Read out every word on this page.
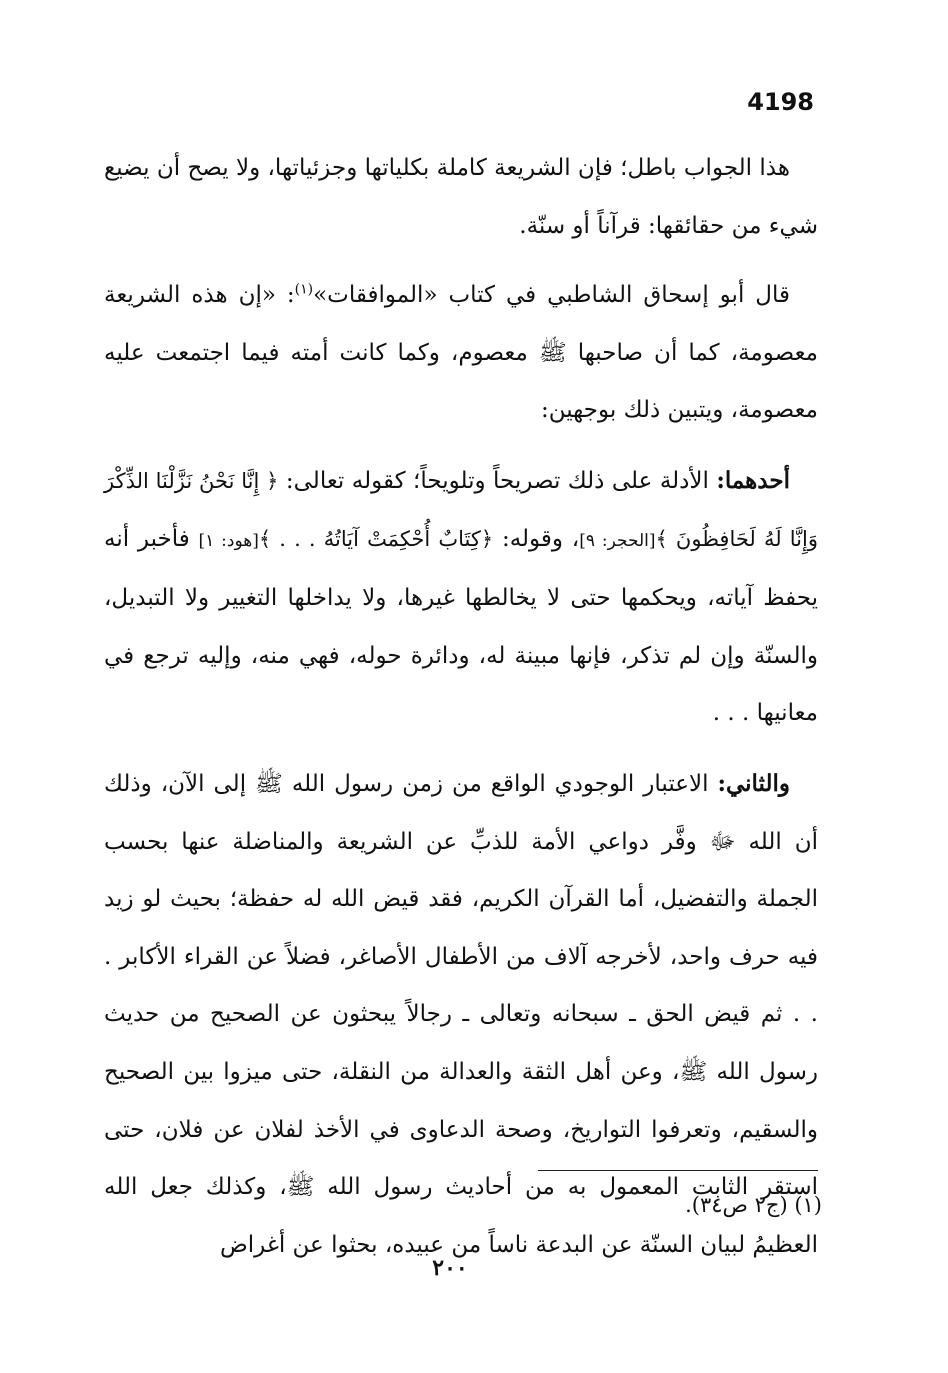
4198

هذا الجواب باطل؛ فإن الشريعة كاملة بكلياتها وجزئياتها، ولا يصح أن يضيع شيء من حقائقها: قرآناً أو سنّة.

قال أبو إسحاق الشاطبي في كتاب «الموافقات»$^{(١)}$: «إن هذه الشريعة معصومة، كما أن صاحبها ﷺ معصوم، وكما كانت أمته فيما اجتمعت عليه معصومة، ويتبين ذلك بوجهين:

أحدهما: الأدلة على ذلك تصريحاً وتلويحاً؛ كقوله تعالى: ﴿ إِنَّا نَحْنُ نَزَّلْنَا الذِّكْرَ وَإِنَّا لَهُ لَحَافِظُونَ ﴾[الحجر: ٩]، وقوله: ﴿كِتَابٌ أُحْكِمَتْ آيَاتُهُ . . . ﴾[هود: ١] فأخبر أنه يحفظ آياته، ويحكمها حتى لا يخالطها غيرها، ولا يداخلها التغيير ولا التبديل، والسنّة وإن لم تذكر، فإنها مبينة له، ودائرة حوله، فهي منه، وإليه ترجع في معانيها . . .

والثاني: الاعتبار الوجودي الواقع من زمن رسول الله ﷺ إلى الآن، وذلك أن الله ﷻ وفَّر دواعي الأمة للذبِّ عن الشريعة والمناضلة عنها بحسب الجملة والتفضيل، أما القرآن الكريم، فقد قيض الله له حفظة؛ بحيث لو زيد فيه حرف واحد، لأخرجه آلاف من الأطفال الأصاغر، فضلاً عن القراء الأكابر . . . ثم قيض الحق ـ سبحانه وتعالى ـ رجالاً يبحثون عن الصحيح من حديث رسول الله ﷺ، وعن أهل الثقة والعدالة من النقلة، حتى ميزوا بين الصحيح والسقيم، وتعرفوا التواريخ، وصحة الدعاوى في الأخذ لفلان عن فلان، حتى استقر الثابت المعمول به من أحاديث رسول الله ﷺ، وكذلك جعل الله العظيمُ لبيان السنّة عن البدعة ناساً من عبيده، بحثوا عن أغراض

(١) (ج٢ ص٣٤).
٢٠٠
